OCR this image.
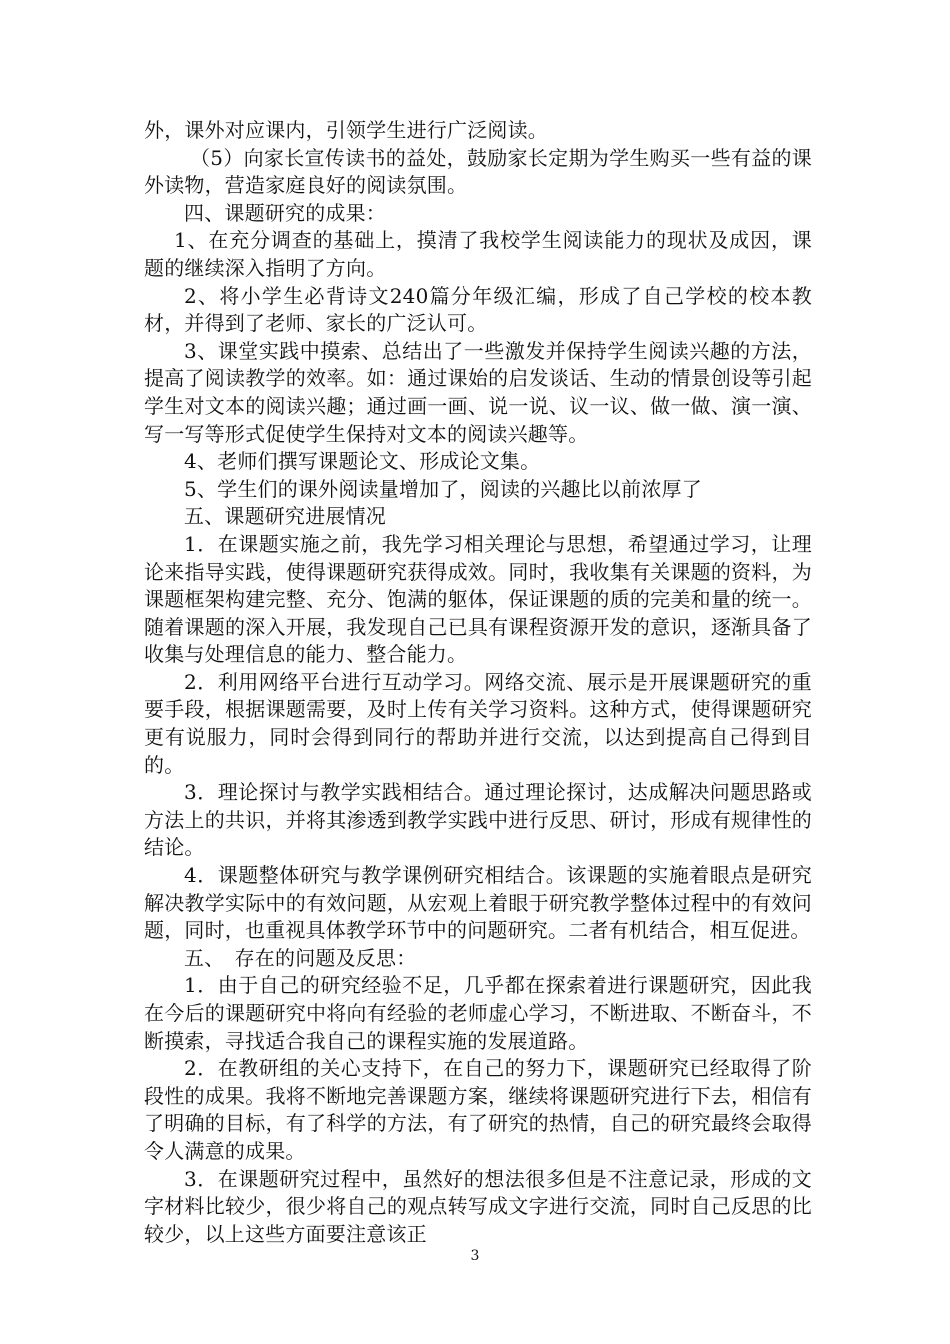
外，课外对应课内，引领学生进行广泛阅读。

（5）向家长宣传读书的益处，鼓励家长定期为学生购买一些有益的课外读物，营造家庭良好的阅读氛围。

四、课题研究的成果：

1、在充分调查的基础上，摸清了我校学生阅读能力的现状及成因，课题的继续深入指明了方向。

2、将小学生必背诗文240篇分年级汇编，形成了自己学校的校本教材，并得到了老师、家长的广泛认可。

3、课堂实践中摸索、总结出了一些激发并保持学生阅读兴趣的方法，提高了阅读教学的效率。如：通过课始的启发谈话、生动的情景创设等引起学生对文本的阅读兴趣；通过画一画、说一说、议一议、做一做、演一演、写一写等形式促使学生保持对文本的阅读兴趣等。

4、老师们撰写课题论文、形成论文集。

5、学生们的课外阅读量增加了，阅读的兴趣比以前浓厚了

五、课题研究进展情况

1．在课题实施之前，我先学习相关理论与思想，希望通过学习，让理论来指导实践，使得课题研究获得成效。同时，我收集有关课题的资料，为课题框架构建完整、充分、饱满的躯体，保证课题的质的完美和量的统一。随着课题的深入开展，我发现自己已具有课程资源开发的意识，逐渐具备了收集与处理信息的能力、整合能力。

2．利用网络平台进行互动学习。网络交流、展示是开展课题研究的重要手段，根据课题需要，及时上传有关学习资料。这种方式，使得课题研究更有说服力，同时会得到同行的帮助并进行交流，以达到提高自己得到目的。

3．理论探讨与教学实践相结合。通过理论探讨，达成解决问题思路或方法上的共识，并将其渗透到教学实践中进行反思、研讨，形成有规律性的结论。

4．课题整体研究与教学课例研究相结合。该课题的实施着眼点是研究解决教学实际中的有效问题，从宏观上着眼于研究教学整体过程中的有效问题，同时，也重视具体教学环节中的问题研究。二者有机结合，相互促进。

五、　存在的问题及反思：

1．由于自己的研究经验不足，几乎都在探索着进行课题研究，因此我在今后的课题研究中将向有经验的老师虚心学习，不断进取、不断奋斗，不断摸索，寻找适合我自己的课程实施的发展道路。

2．在教研组的关心支持下，在自己的努力下，课题研究已经取得了阶段性的成果。我将不断地完善课题方案，继续将课题研究进行下去，相信有了明确的目标，有了科学的方法，有了研究的热情，自己的研究最终会取得令人满意的成果。

3．在课题研究过程中，虽然好的想法很多但是不注意记录，形成的文字材料比较少，很少将自己的观点转写成文字进行交流，同时自己反思的比较少，以上这些方面要注意该正

3
